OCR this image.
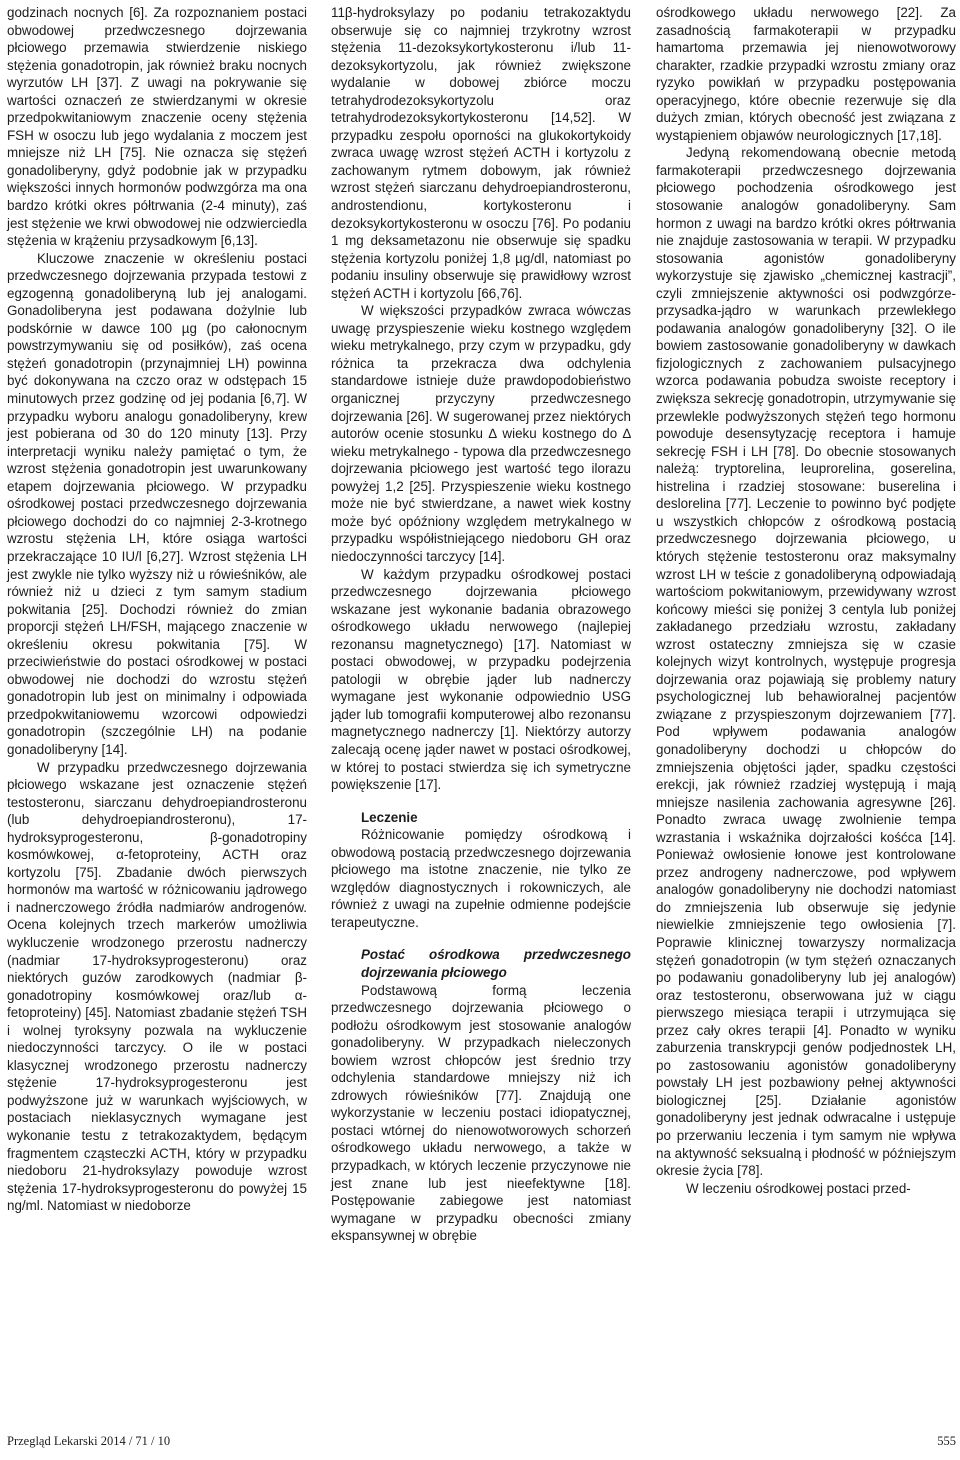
godzinach nocnych [6]. Za rozpoznaniem postaci obwodowej przedwczesnego dojrzewania płciowego przemawia stwierdzenie niskiego stężenia gonadotropin, jak również braku nocnych wyrzutów LH [37]. Z uwagi na pokrywanie się wartości oznaczeń ze stwierdzanymi w okresie przedpokwitaniowym znaczenie oceny stężenia FSH w osoczu lub jego wydalania z moczem jest mniejsze niż LH [75]. Nie oznacza się stężeń gonadoliberyny, gdyż podobnie jak w przypadku większości innych hormonów podwzgórza ma ona bardzo krótki okres półtrwania (2-4 minuty), zaś jest stężenie we krwi obwodowej nie odzwierciedla stężenia w krążeniu przysadkowym [6,13].

Kluczowe znaczenie w określeniu postaci przedwczesnego dojrzewania przypada testowi z egzogenną gonadoliberyną lub jej analogami. Gonadoliberyna jest podawana dożylnie lub podskórnie w dawce 100 µg (po całonocnym powstrzymywaniu się od posiłków), zaś ocena stężeń gonadotropin (przynajmniej LH) powinna być dokonywana na czczo oraz w odstępach 15 minutowych przez godzinę od jej podania [6,7]. W przypadku wyboru analogu gonadoliberyny, krew jest pobierana od 30 do 120 minuty [13]. Przy interpretacji wyniku należy pamiętać o tym, że wzrost stężenia gonadotropin jest uwarunkowany etapem dojrzewania płciowego. W przypadku ośrodkowej postaci przedwczesnego dojrzewania płciowego dochodzi do co najmniej 2-3-krotnego wzrostu stężenia LH, które osiąga wartości przekraczające 10 IU/l [6,27]. Wzrost stężenia LH jest zwykle nie tylko wyższy niż u rówieśników, ale również niż u dzieci z tym samym stadium pokwitania [25]. Dochodzi również do zmian proporcji stężeń LH/FSH, mającego znaczenie w określeniu okresu pokwitania [75]. W przeciwieństwie do postaci ośrodkowej w postaci obwodowej nie dochodzi do wzrostu stężeń gonadotropin lub jest on minimalny i odpowiada przedpokwitaniowemu wzorcowi odpowiedzi gonadotropin (szczególnie LH) na podanie gonadoliberyny [14].

W przypadku przedwczesnego dojrzewania płciowego wskazane jest oznaczenie stężeń testosteronu, siarczanu dehydroepiandrosteronu (lub dehydroepiandrosteronu), 17-hydroksyprogesteronu, β-gonadotropiny kosmówkowej, α-fetoproteiny, ACTH oraz kortyzolu [75]. Zbadanie dwóch pierwszych hormonów ma wartość w różnicowaniu jądrowego i nadnerczowego źródła nadmiarów androgenów. Ocena kolejnych trzech markerów umożliwia wykluczenie wrodzonego przerostu nadnerczy (nadmiar 17-hydroksyprogesteronu) oraz niektórych guzów zarodkowych (nadmiar β-gonadotropiny kosmówkowej oraz/lub α-fetoproteiny) [45]. Natomiast zbadanie stężeń TSH i wolnej tyroksyny pozwala na wykluczenie niedoczynności tarczycy. O ile w postaci klasycznej wrodzonego przerostu nadnerczy stężenie 17-hydroksyprogesteronu jest podwyższone już w warunkach wyjściowych, w postaciach nieklasycznych wymagane jest wykonanie testu z tetrakozaktydem, będącym fragmentem cząsteczki ACTH, który w przypadku niedoboru 21-hydroksylazy powoduje wzrost stężenia 17-hydroksyprogesteronu do powyżej 15 ng/ml. Natomiast w niedoborze

11β-hydroksylazy po podaniu tetrakozaktydu obserwuje się co najmniej trzykrotny wzrost stężenia 11-dezoksykortykosteronu i/lub 11-dezoksykortyzolu, jak również zwiększone wydalanie w dobowej zbiórce moczu tetrahydrodezoksykortyzolu oraz tetrahydrodezoksykortykosteronu [14,52]. W przypadku zespołu oporności na glukokortykoidy zwraca uwagę wzrost stężeń ACTH i kortyzolu z zachowanym rytmem dobowym, jak również wzrost stężeń siarczanu dehydroepiandrosteronu, androstendionu, kortykosteronu i dezoksykortykosteronu w osoczu [76]. Po podaniu 1 mg deksametazonu nie obserwuje się spadku stężenia kortyzolu poniżej 1,8 µg/dl, natomiast po podaniu insuliny obserwuje się prawidłowy wzrost stężeń ACTH i kortyzolu [66,76].

W większości przypadków zwraca wówczas uwagę przyspieszenie wieku kostnego względem wieku metrykalnego, przy czym w przypadku, gdy różnica ta przekracza dwa odchylenia standardowe istnieje duże prawdopodobieństwo organicznej przyczyny przedwczesnego dojrzewania [26]. W sugerowanej przez niektórych autorów ocenie stosunku ∆ wieku kostnego do ∆ wieku metrykalnego - typowa dla przedwczesnego dojrzewania płciowego jest wartość tego ilorazu powyżej 1,2 [25]. Przyspieszenie wieku kostnego może nie być stwierdzane, a nawet wiek kostny może być opóźniony względem metrykalnego w przypadku współistniejącego niedoboru GH oraz niedoczynności tarczycy [14].

W każdym przypadku ośrodkowej postaci przedwczesnego dojrzewania płciowego wskazane jest wykonanie badania obrazowego ośrodkowego układu nerwowego (najlepiej rezonansu magnetycznego) [17]. Natomiast w postaci obwodowej, w przypadku podejrzenia patologii w obrębie jąder lub nadnerczy wymagane jest wykonanie odpowiednio USG jąder lub tomografii komputerowej albo rezonansu magnetycznego nadnerczy [1]. Niektórzy autorzy zalecają ocenę jąder nawet w postaci ośrodkowej, w której to postaci stwierdza się ich symetryczne powiększenie [17].

Leczenie

Różnicowanie pomiędzy ośrodkową i obwodową postacią przedwczesnego dojrzewania płciowego ma istotne znaczenie, nie tylko ze względów diagnostycznych i rokowniczych, ale również z uwagi na zupełnie odmienne podejście terapeutyczne.

Postać ośrodkowa przedwczesnego dojrzewania płciowego

Podstawową formą leczenia przedwczesnego dojrzewania płciowego o podłożu ośrodkowym jest stosowanie analogów gonadoliberyny. W przypadkach nieleczonych bowiem wzrost chłopców jest średnio trzy odchylenia standardowe mniejszy niż ich zdrowych rówieśników [77]. Znajdują one wykorzystanie w leczeniu postaci idiopatycznej, postaci wtórnej do nienowotworowych schorzeń ośrodkowego układu nerwowego, a także w przypadkach, w których leczenie przyczynowe nie jest znane lub jest nieefektywne [18]. Postępowanie zabiegowe jest natomiast wymagane w przypadku obecności zmiany ekspansywnej w obrębie

ośrodkowego układu nerwowego [22]. Za zasadnością farmakoterapii w przypadku hamartoma przemawia jej nienowotworowy charakter, rzadkie przypadki wzrostu zmiany oraz ryzyko powikłań w przypadku postępowania operacyjnego, które obecnie rezerwuje się dla dużych zmian, których obecność jest związana z wystąpieniem objawów neurologicznych [17,18].

Jedyną rekomendowaną obecnie metodą farmakoterapii przedwczesnego dojrzewania płciowego pochodzenia ośrodkowego jest stosowanie analogów gonadoliberyny. Sam hormon z uwagi na bardzo krótki okres półtrwania nie znajduje zastosowania w terapii. W przypadku stosowania agonistów gonadoliberyny wykorzystuje się zjawisko „chemicznej kastracji”, czyli zmniejszenie aktywności osi podwzgórze-przysadka-jądro w warunkach przewlekłego podawania analogów gonadoliberyny [32]. O ile bowiem zastosowanie gonadoliberyny w dawkach fizjologicznych z zachowaniem pulsacyjnego wzorca podawania pobudza swoiste receptory i zwiększa sekrecję gonadotropin, utrzymywanie się przewlekle podwyższonych stężeń tego hormonu powoduje desensytyzację receptora i hamuje sekrecję FSH i LH [78]. Do obecnie stosowanych należą: tryptorelina, leuprorelina, goserelina, histrelina i rzadziej stosowane: buserelina i deslorelina [77]. Leczenie to powinno być podjęte u wszystkich chłopców z ośrodkową postacią przedwczesnego dojrzewania płciowego, u których stężenie testosteronu oraz maksymalny wzrost LH w teście z gonadoliberyną odpowiadają wartościom pokwitaniowym, przewidywany wzrost końcowy mieści się poniżej 3 centyla lub poniżej zakładanego przedziału wzrostu, zakładany wzrost ostateczny zmniejsza się w czasie kolejnych wizyt kontrolnych, występuje progresja dojrzewania oraz pojawiają się problemy natury psychologicznej lub behawioralnej pacjentów związane z przyspieszonym dojrzewaniem [77]. Pod wpływem podawania analogów gonadoliberyny dochodzi u chłopców do zmniejszenia objętości jąder, spadku częstości erekcji, jak również rzadziej występują i mają mniejsze nasilenia zachowania agresywne [26]. Ponadto zwraca uwagę zwolnienie tempa wzrastania i wskaźnika dojrzałości kośćca [14]. Ponieważ owłosienie łonowe jest kontrolowane przez androgeny nadnerczowe, pod wpływem analogów gonadoliberyny nie dochodzi natomiast do zmniejszenia lub obserwuje się jedynie niewielkie zmniejszenie tego owłosienia [7]. Poprawie klinicznej towarzyszy normalizacja stężeń gonadotropin (w tym stężeń oznaczanych po podawaniu gonadoliberyny lub jej analogów) oraz testosteronu, obserwowana już w ciągu pierwszego miesiąca terapii i utrzymująca się przez cały okres terapii [4]. Ponadto w wyniku zaburzenia transkrypcji genów podjednostek LH, po zastosowaniu agonistów gonadoliberyny powstały LH jest pozbawiony pełnej aktywności biologicznej [25]. Działanie agonistów gonadoliberyny jest jednak odwracalne i ustępuje po przerwaniu leczenia i tym samym nie wpływa na aktywność seksualną i płodność w późniejszym okresie życia [78].

W leczeniu ośrodkowej postaci przed-

Przegląd Lekarski 2014 / 71 / 10	555
